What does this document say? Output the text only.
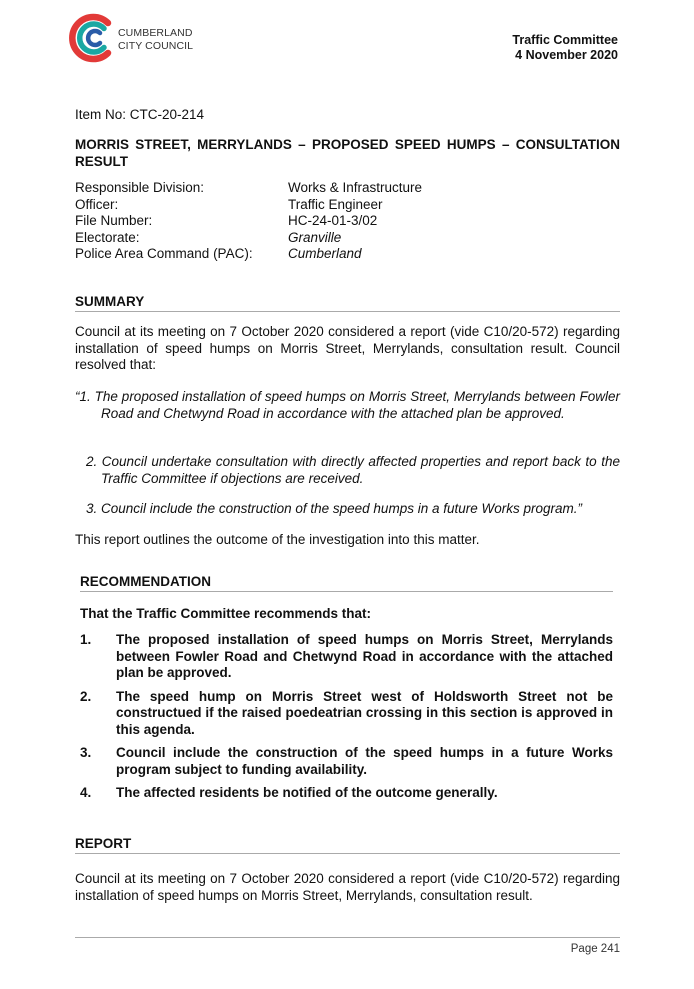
CUMBERLAND
CITY COUNCIL	Traffic Committee
4 November 2020
Item No: CTC-20-214
MORRIS STREET, MERRYLANDS – PROPOSED SPEED HUMPS – CONSULTATION RESULT
Responsible Division:	Works & Infrastructure
Officer:	Traffic Engineer
File Number:	HC-24-01-3/02
Electorate:	Granville
Police Area Command (PAC):	Cumberland
SUMMARY
Council at its meeting on 7 October 2020 considered a report (vide C10/20-572) regarding installation of speed humps on Morris Street, Merrylands, consultation result. Council resolved that:
“1. The proposed installation of speed humps on Morris Street, Merrylands between Fowler Road and Chetwynd Road in accordance with the attached plan be approved.
2. Council undertake consultation with directly affected properties and report back to the Traffic Committee if objections are received.
3. Council include the construction of the speed humps in a future Works program.”
This report outlines the outcome of the investigation into this matter.
RECOMMENDATION
That the Traffic Committee recommends that:
1.	The proposed installation of speed humps on Morris Street, Merrylands between Fowler Road and Chetwynd Road in accordance with the attached plan be approved.
2.	The speed hump on Morris Street west of Holdsworth Street not be constructued if the raised poedeatrian crossing in this section is approved in this agenda.
3.	Council include the construction of the speed humps in a future Works program subject to funding availability.
4.	The affected residents be notified of the outcome generally.
REPORT
Council at its meeting on 7 October 2020 considered a report (vide C10/20-572) regarding installation of speed humps on Morris Street, Merrylands, consultation result.
Page 241
